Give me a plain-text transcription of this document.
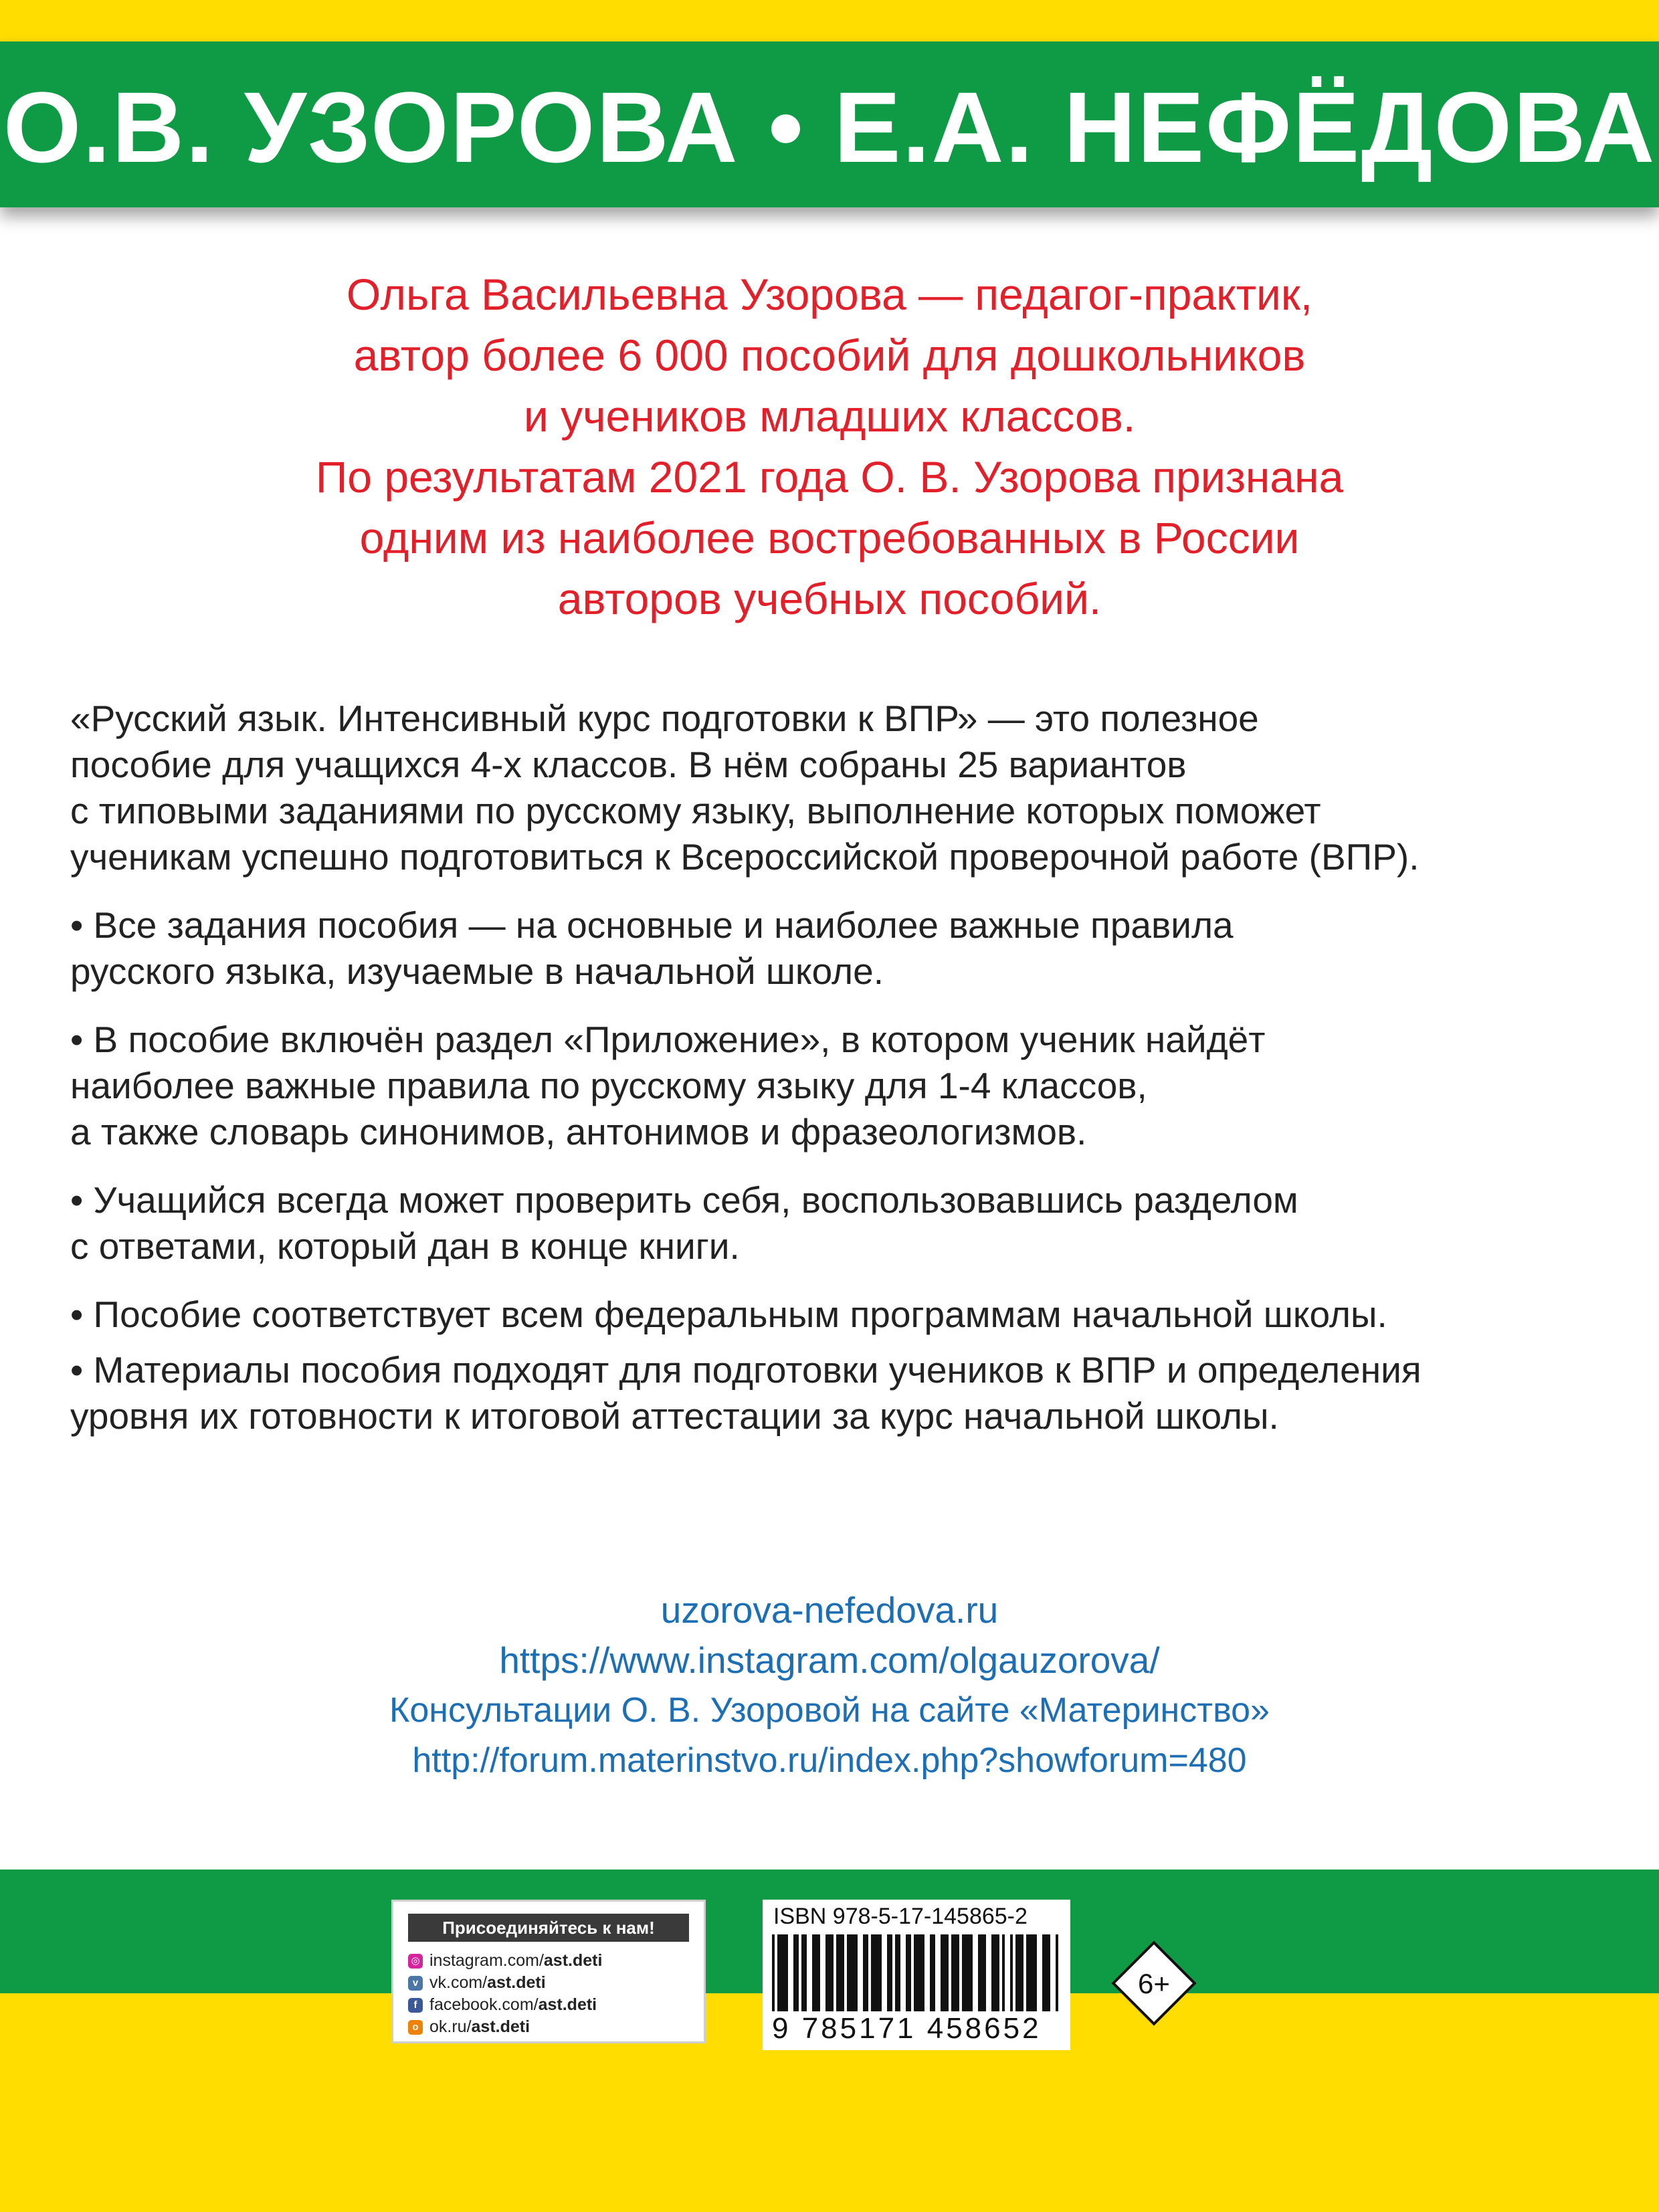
О.В. УЗОРОВА • Е.А. НЕФЁДОВА
Ольга Васильевна Узорова — педагог-практик,
автор более 6 000 пособий для дошкольников
и учеников младших классов.
По результатам 2021 года О. В. Узорова признана
одним из наиболее востребованных в России
авторов учебных пособий.
«Русский язык. Интенсивный курс подготовки к ВПР» — это полезное
пособие для учащихся 4-х классов. В нём собраны 25 вариантов
с типовыми заданиями по русскому языку, выполнение которых поможет
ученикам успешно подготовиться к Всероссийской проверочной работе (ВПР).
• Все задания пособия — на основные и наиболее важные правила
русского языка, изучаемые в начальной школе.
• В пособие включён раздел «Приложение», в котором ученик найдёт
наиболее важные правила по русскому языку для 1-4 классов,
а также словарь синонимов, антонимов и фразеологизмов.
• Учащийся всегда может проверить себя, воспользовавшись разделом
с ответами, который дан в конце книги.
• Пособие соответствует всем федеральным программам начальной школы.
• Материалы пособия подходят для подготовки учеников к ВПР и определения
уровня их готовности к итоговой аттестации за курс начальной школы.
uzorova-nefedova.ru
https://www.instagram.com/olgauzorova/
Консультации О. В. Узоровой на сайте «Материнство»
http://forum.materinstvo.ru/index.php?showforum=480
Присоединяйтесь к нам!
◎ instagram.com/ ast.deti
v vk.com/ ast.deti
f facebook.com/ ast.deti
o ok.ru/ ast.deti
ISBN 978-5-17-145865-2
9 785171 458652
6+
